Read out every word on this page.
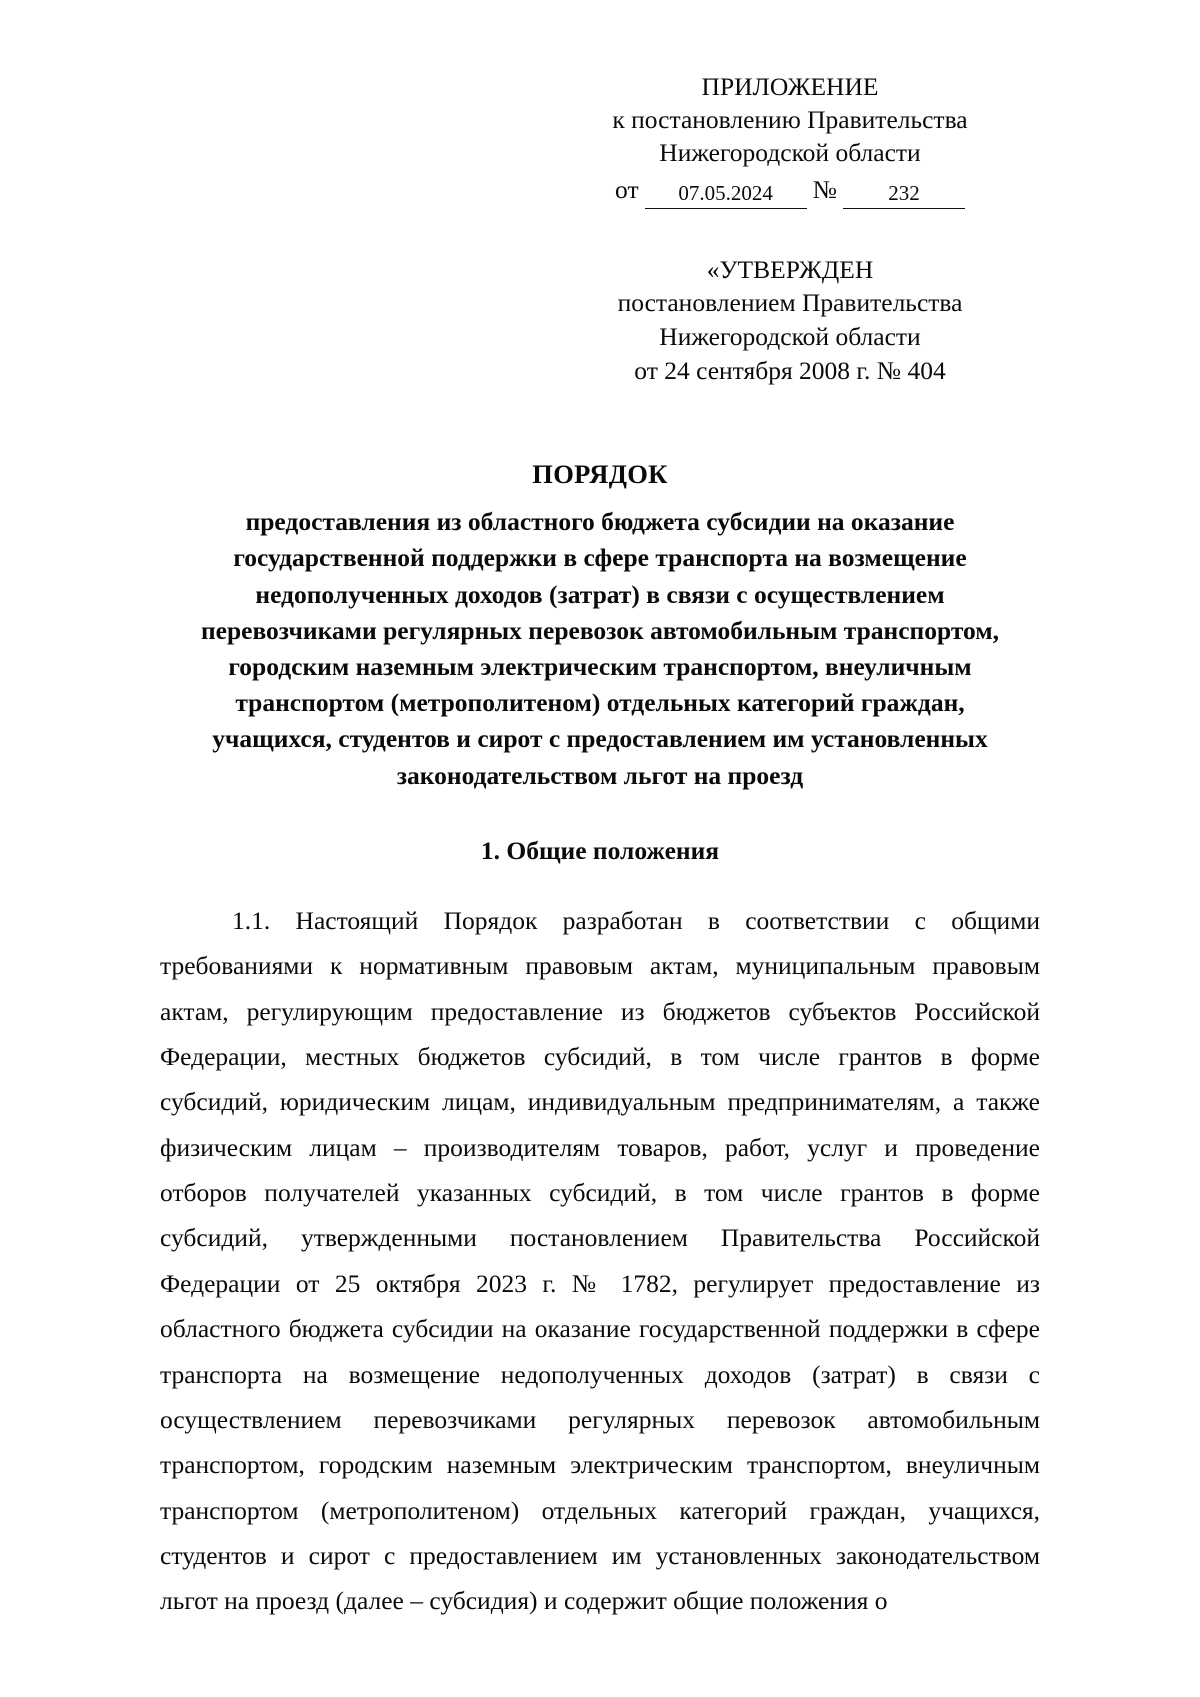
ПРИЛОЖЕНИЕ
к постановлению Правительства
Нижегородской области
от	07.05.2024	№	232
«УТВЕРЖДЕН
постановлением Правительства
Нижегородской области
от 24 сентября 2008 г. № 404
ПОРЯДОК
предоставления из областного бюджета субсидии на оказание государственной поддержки в сфере транспорта на возмещение недополученных доходов (затрат) в связи с осуществлением перевозчиками регулярных перевозок автомобильным транспортом, городским наземным электрическим транспортом, внеуличным транспортом (метрополитеном) отдельных категорий граждан, учащихся, студентов и сирот с предоставлением им установленных законодательством льгот на проезд
1. Общие положения
1.1. Настоящий Порядок разработан в соответствии с общими требованиями к нормативным правовым актам, муниципальным правовым актам, регулирующим предоставление из бюджетов субъектов Российской Федерации, местных бюджетов субсидий, в том числе грантов в форме субсидий, юридическим лицам, индивидуальным предпринимателям, а также физическим лицам – производителям товаров, работ, услуг и проведение отборов получателей указанных субсидий, в том числе грантов в форме субсидий, утвержденными постановлением Правительства Российской Федерации от 25 октября 2023 г. № 1782, регулирует предоставление из областного бюджета субсидии на оказание государственной поддержки в сфере транспорта на возмещение недополученных доходов (затрат) в связи с осуществлением перевозчиками регулярных перевозок автомобильным транспортом, городским наземным электрическим транспортом, внеуличным транспортом (метрополитеном) отдельных категорий граждан, учащихся, студентов и сирот с предоставлением им установленных законодательством льгот на проезд (далее – субсидия) и содержит общие положения о
